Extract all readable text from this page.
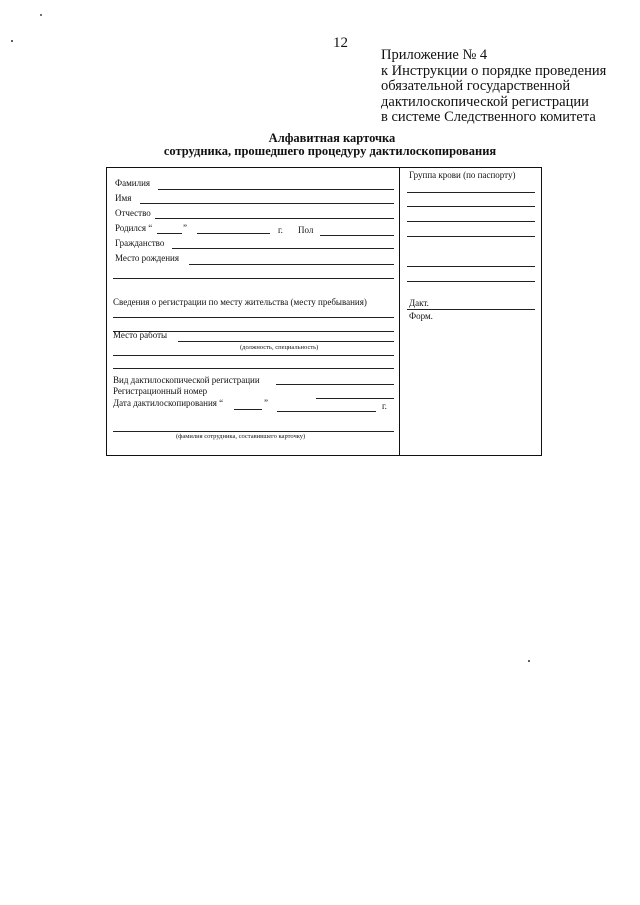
12
Приложение № 4
к Инструкции о порядке проведения
обязательной государственной
дактилоскопической регистрации
в системе Следственного комитета
Алфавитная карточка
сотрудника, прошедшего процедуру дактилоскопирования
Фамилия
Имя
Отчество
Родился “	”	г. Пол
Гражданство
Место рождения
Сведения о регистрации по месту жительства (месту пребывания)
Место работы
(должность, специальность)
Вид дактилоскопической регистрации
Регистрационный номер
Дата дактилоскопирования “	”	г.
(фамилия сотрудника, составившего карточку)
Группа крови (по паспорту)
Дакт.
Форм.
